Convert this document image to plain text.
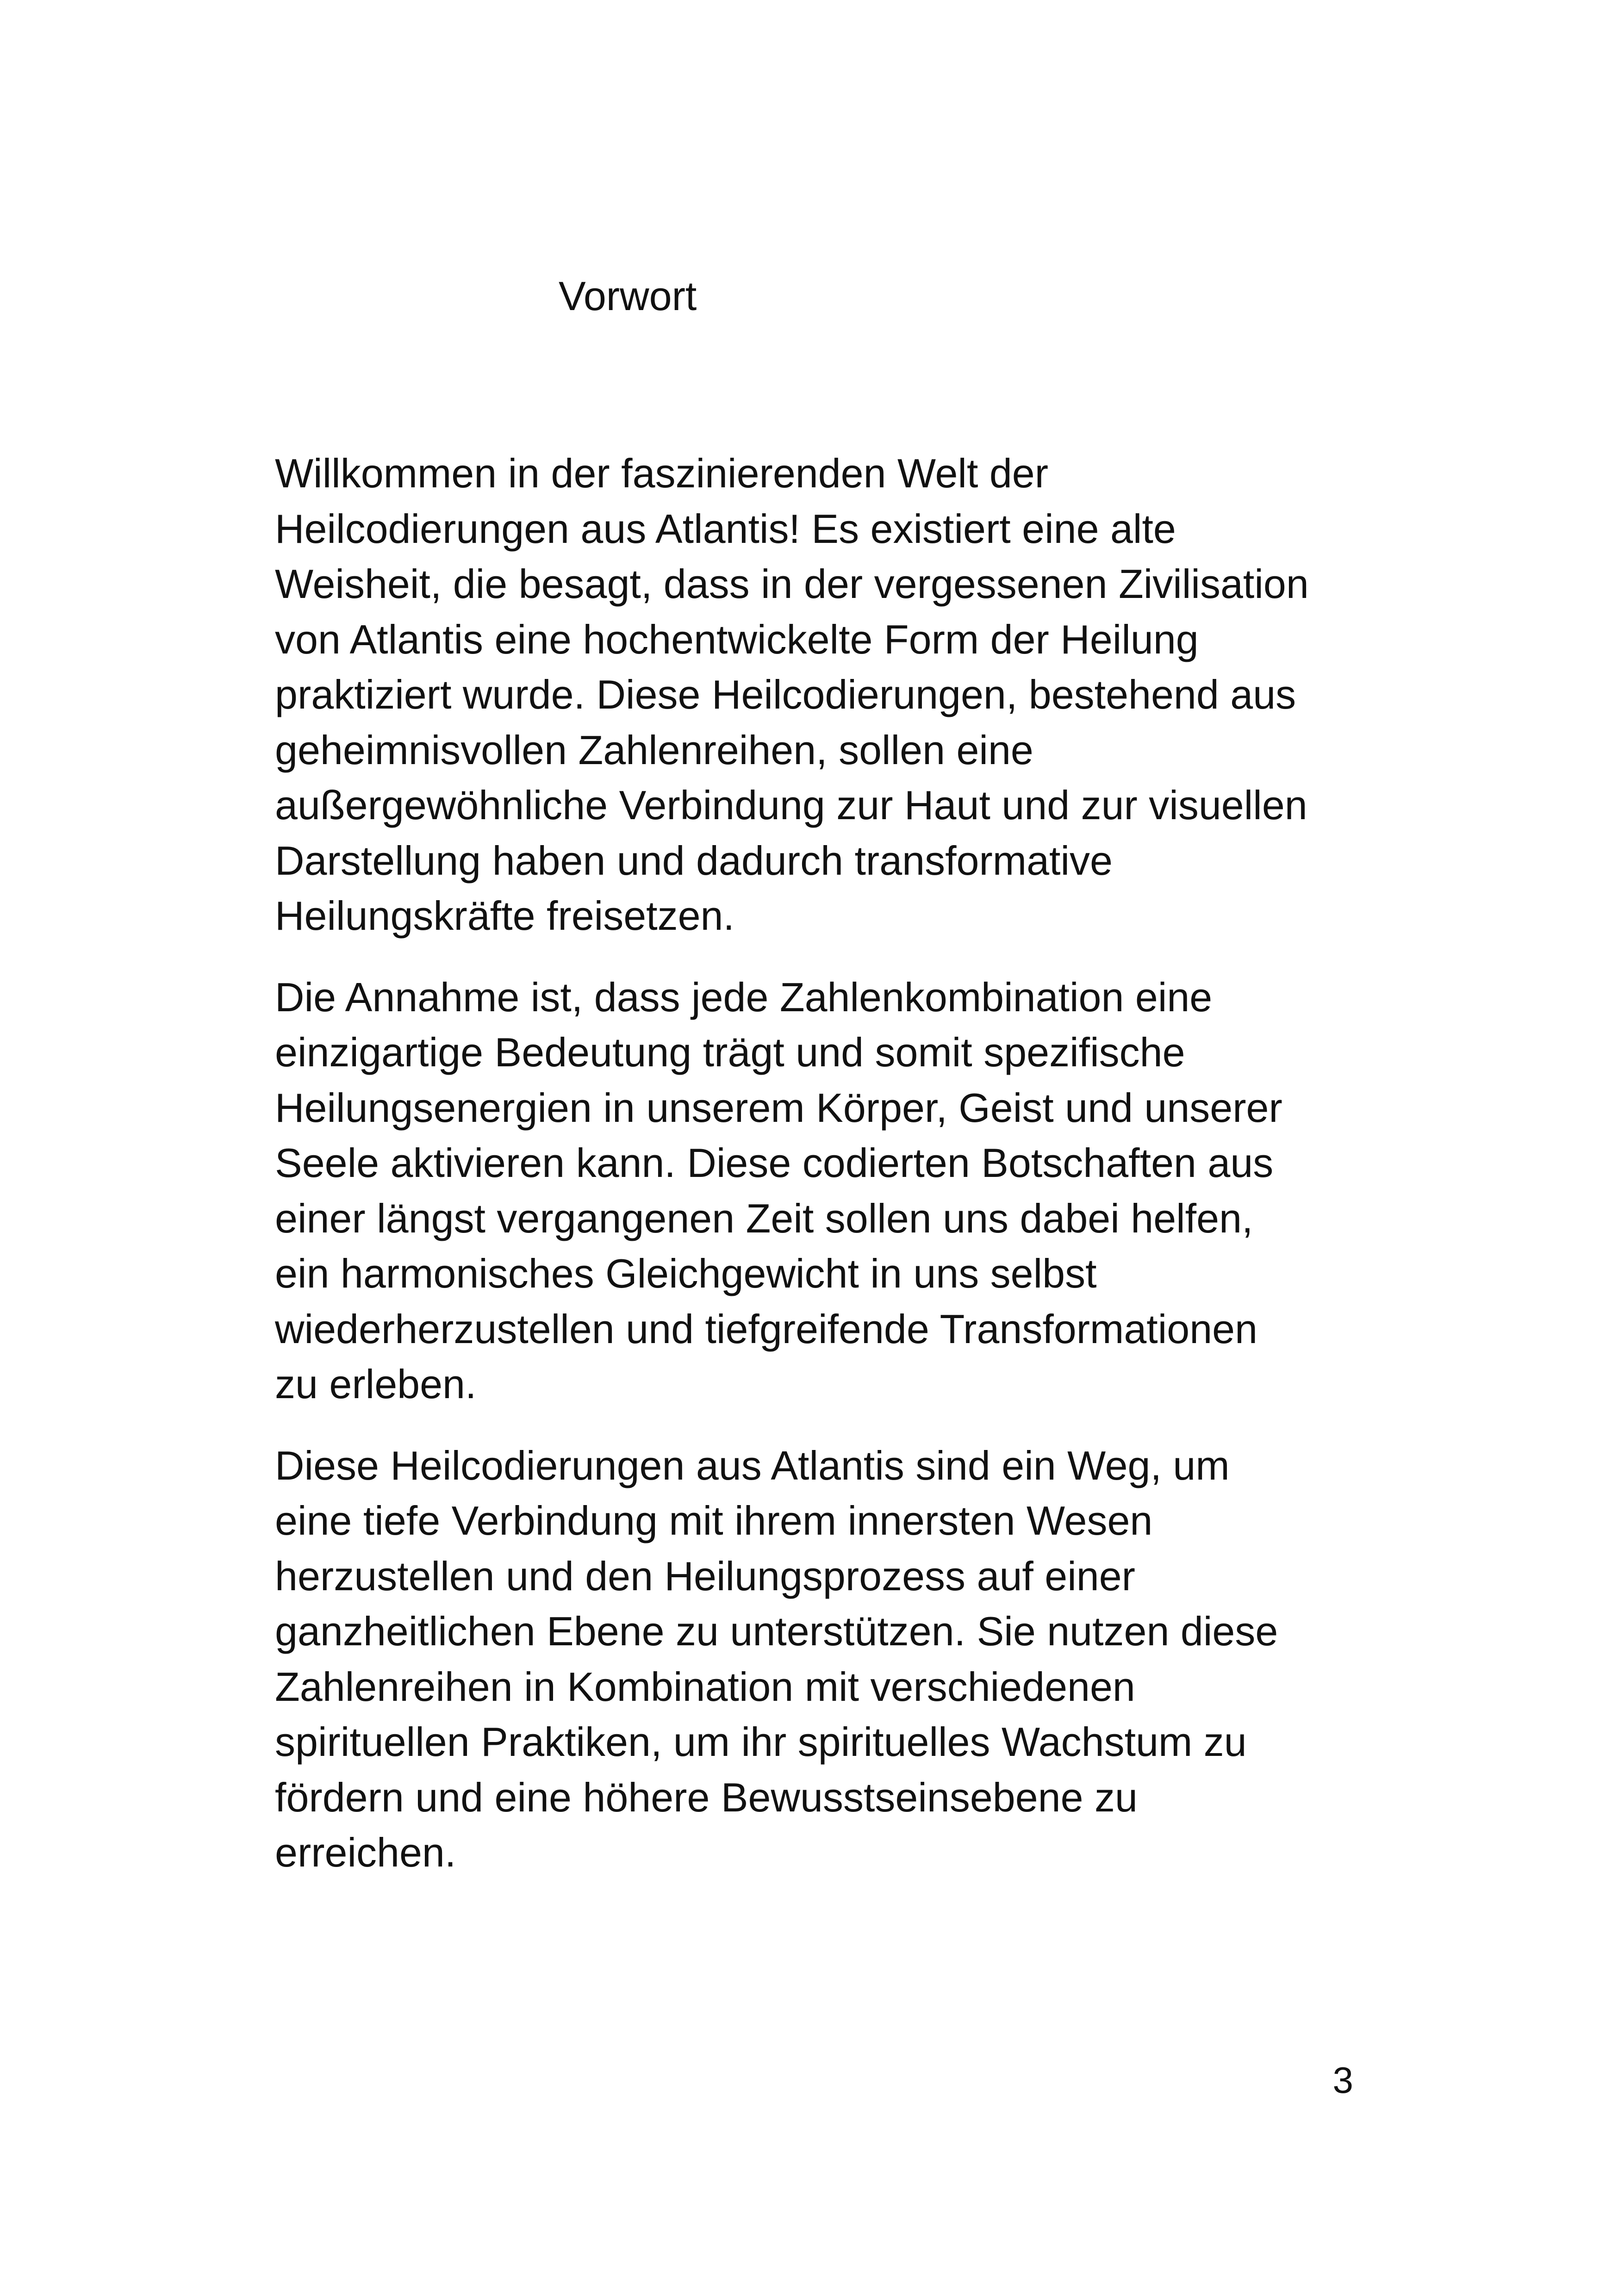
Vorwort

Willkommen in der faszinierenden Welt der
Heilcodierungen aus Atlantis! Es existiert eine alte
Weisheit, die besagt, dass in der vergessenen Zivilisation
von Atlantis eine hochentwickelte Form der Heilung
praktiziert wurde. Diese Heilcodierungen, bestehend aus
geheimnisvollen Zahlenreihen, sollen eine
außergewöhnliche Verbindung zur Haut und zur visuellen
Darstellung haben und dadurch transformative
Heilungskräfte freisetzen.

Die Annahme ist, dass jede Zahlenkombination eine
einzigartige Bedeutung trägt und somit spezifische
Heilungsenergien in unserem Körper, Geist und unserer
Seele aktivieren kann. Diese codierten Botschaften aus
einer längst vergangenen Zeit sollen uns dabei helfen,
ein harmonisches Gleichgewicht in uns selbst
wiederherzustellen und tiefgreifende Transformationen
zu erleben.

Diese Heilcodierungen aus Atlantis sind ein Weg, um
eine tiefe Verbindung mit ihrem innersten Wesen
herzustellen und den Heilungsprozess auf einer
ganzheitlichen Ebene zu unterstützen. Sie nutzen diese
Zahlenreihen in Kombination mit verschiedenen
spirituellen Praktiken, um ihr spirituelles Wachstum zu
fördern und eine höhere Bewusstseinsebene zu
erreichen.

3
